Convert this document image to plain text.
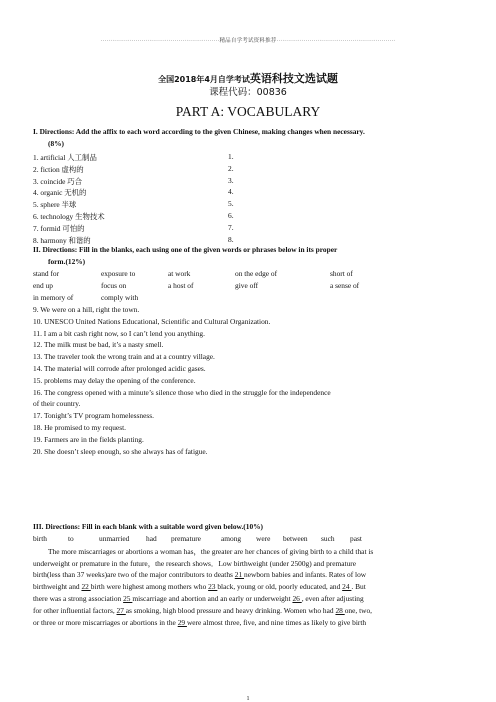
·····························································精品自学考试资料推荐·····························································
全国2018年4月自学考试英语科技文选试题
课程代码：00836
PART A: VOCABULARY
I. Directions: Add the affix to each word according to the given Chinese, making changes when necessary.
(8%)
1. artificial 人工制品	1.
2. fiction 虚构的	2.
3. coincide 巧合	3.
4. organic 无机的	4.
5. sphere 半球	5.
6. technology 生物技术	6.
7. formid 可怕的	7.
8. harmony 和谐的	8.
II. Directions: Fill in the blanks, each using one of the given words or phrases below in its proper
form.(12%)
stand for	exposure to	at work	on the edge of	short of
end up	focus on	a host of	give off	a sense of
in memory of	comply with
9. We were on a hill, right the town.
10. UNESCO United Nations Educational, Scientific and Cultural Organization.
11. I am a bit cash right now, so I can’t lend you anything.
12. The milk must be bad, it’s a nasty smell.
13. The traveler took the wrong train and at a country village.
14. The material will corrode after prolonged acidic gases.
15. problems may delay the opening of the conference.
16. The congress opened with a minute’s silence those who died in the struggle for the independence
of their country.
17. Tonight’s TV program homelessness.
18. He promised to my request.
19. Farmers are in the fields planting.
20. She doesn’t sleep enough, so she always has of fatigue.
III. Directions: Fill in each blank with a suitable word given below.(10%)
birth	to	unmarried had premature	among were between such past
The more miscarriages or abortions a woman has，the greater are her chances of giving birth to a child that is
underweight or premature in the future，the research shows．Low birthweight (under 2500g) and premature
birth(less than 37 weeks)are two of the major contributors to deaths 21 newborn babies and infants. Rates of low
birthweight and 22 birth were highest among mothers who 23 black, young or old, poorly educated, and 24 . But
there was a strong association 25 miscarriage and abortion and an early or underweight 26 , even after adjusting
for other influential factors, 27 as smoking, high blood pressure and heavy drinking. Women who had 28 one, two,
or three or more miscarriages or abortions in the 29 were almost three, five, and nine times as likely to give birth
1
